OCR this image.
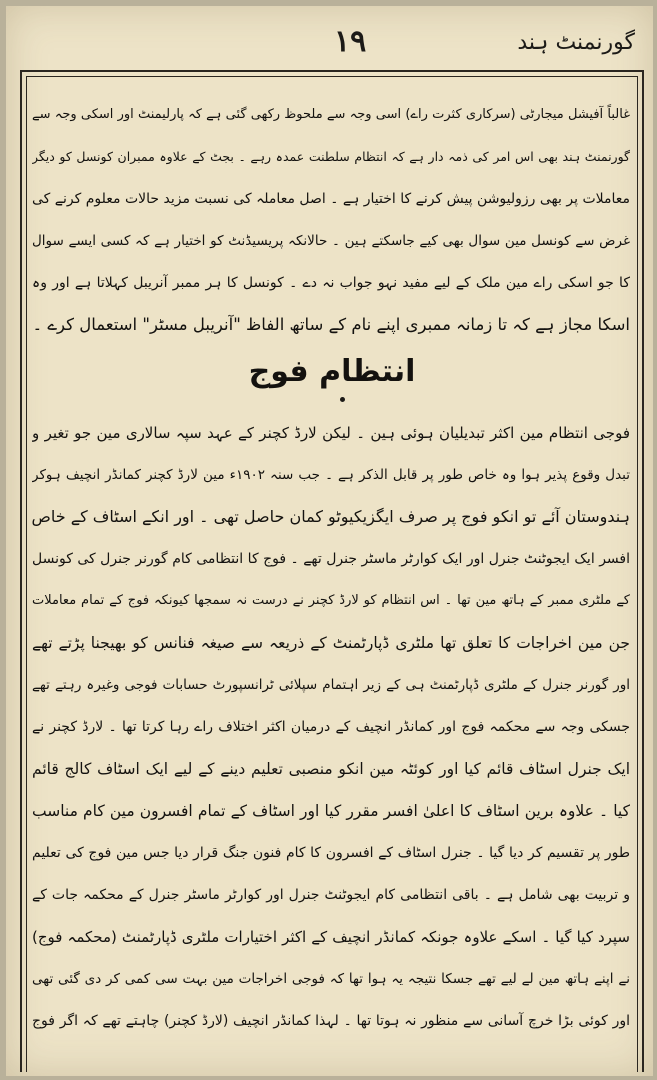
١٩	گورنمنٹ ہند
غالباً آفیشل میجارٹی (سرکاری کثرت راے) اسی وجہ سے ملحوظ رکھی گئی ہے کہ پارلیمنٹ اور اسکی وجہ سے
گورنمنٹ ہند بھی اس امر کی ذمہ دار ہے کہ انتظام سلطنت عمدہ رہے ۔ بجٹ کے علاوہ ممبران کونسل کو دیگر
معاملات پر بھی رزولیوشن پیش کرنے کا اختیار ہے ۔ اصل معاملہ کی نسبت مزید حالات معلوم کرنے کی
غرض سے کونسل مین سوال بھی کیے جاسکتے ہین ۔ حالانکہ پریسیڈنٹ کو اختیار ہے کہ کسی ایسے سوال
کا جو اسکی راے مین ملک کے لیے مفید نہو جواب نہ دے ۔ کونسل کا ہر ممبر آنریبل کہلاتا ہے اور وہ
اسکا مجاز ہے کہ تا زمانہ ممبری اپنے نام کے ساتھ الفاظ "آنریبل مسٹر" استعمال کرے ۔
انتظام فوج
فوجی انتظام مین اکثر تبدیلیان ہوئی ہین ۔ لیکن لارڈ کچنر کے عہد سپہ سالاری مین جو تغیر و
تبدل وقوع پذیر ہوا وہ خاص طور پر قابل الذکر ہے ۔ جب سنہ ١٩٠٢ء مین لارڈ کچنر کمانڈر انچیف ہوکر
ہندوستان آئے تو انکو فوج پر صرف ایگزیکیوٹو کمان حاصل تھی ۔ اور انکے اسٹاف کے خاص
افسر ایک ایجوٹنٹ جنرل اور ایک کوارٹر ماسٹر جنرل تھے ۔ فوج کا انتظامی کام گورنر جنرل کی کونسل
کے ملٹری ممبر کے ہاتھ مین تھا ۔ اس انتظام کو لارڈ کچنر نے درست نہ سمجھا کیونکہ فوج کے تمام معاملات
جن مین اخراجات کا تعلق تھا ملٹری ڈپارٹمنٹ کے ذریعہ سے صیغہ فنانس کو بھیجنا پڑتے تھے
اور گورنر جنرل کے ملٹری ڈپارٹمنٹ ہی کے زیر اہتمام سپلائی ٹرانسپورٹ حسابات فوجی وغیرہ رہتے تھے
جسکی وجہ سے محکمہ فوج اور کمانڈر انچیف کے درمیان اکثر اختلاف راے رہا کرتا تھا ۔ لارڈ کچنر نے
ایک جنرل اسٹاف قائم کیا اور کوئٹہ مین انکو منصبی تعلیم دینے کے لیے ایک اسٹاف کالج قائم
کیا ۔ علاوہ برین اسٹاف کا اعلیٰ افسر مقرر کیا اور اسٹاف کے تمام افسرون مین کام مناسب
طور پر تقسیم کر دیا گیا ۔ جنرل اسٹاف کے افسرون کا کام فنون جنگ قرار دیا جس مین فوج کی تعلیم
و تربیت بھی شامل ہے ۔ باقی انتظامی کام ایجوٹنٹ جنرل اور کوارٹر ماسٹر جنرل کے محکمہ جات کے
سپرد کیا گیا ۔ اسکے علاوہ جونکہ کمانڈر انچیف کے اکثر اختیارات ملٹری ڈپارٹمنٹ (محکمہ فوج)
نے اپنے ہاتھ مین لے لیے تھے جسکا نتیجہ یہ ہوا تھا کہ فوجی اخراجات مین بہت سی کمی کر دی گئی تھی
اور کوئی بڑا خرچ آسانی سے منظور نہ ہوتا تھا ۔ لہذا کمانڈر انچیف (لارڈ کچنر) چاہتے تھے کہ اگر فوج
